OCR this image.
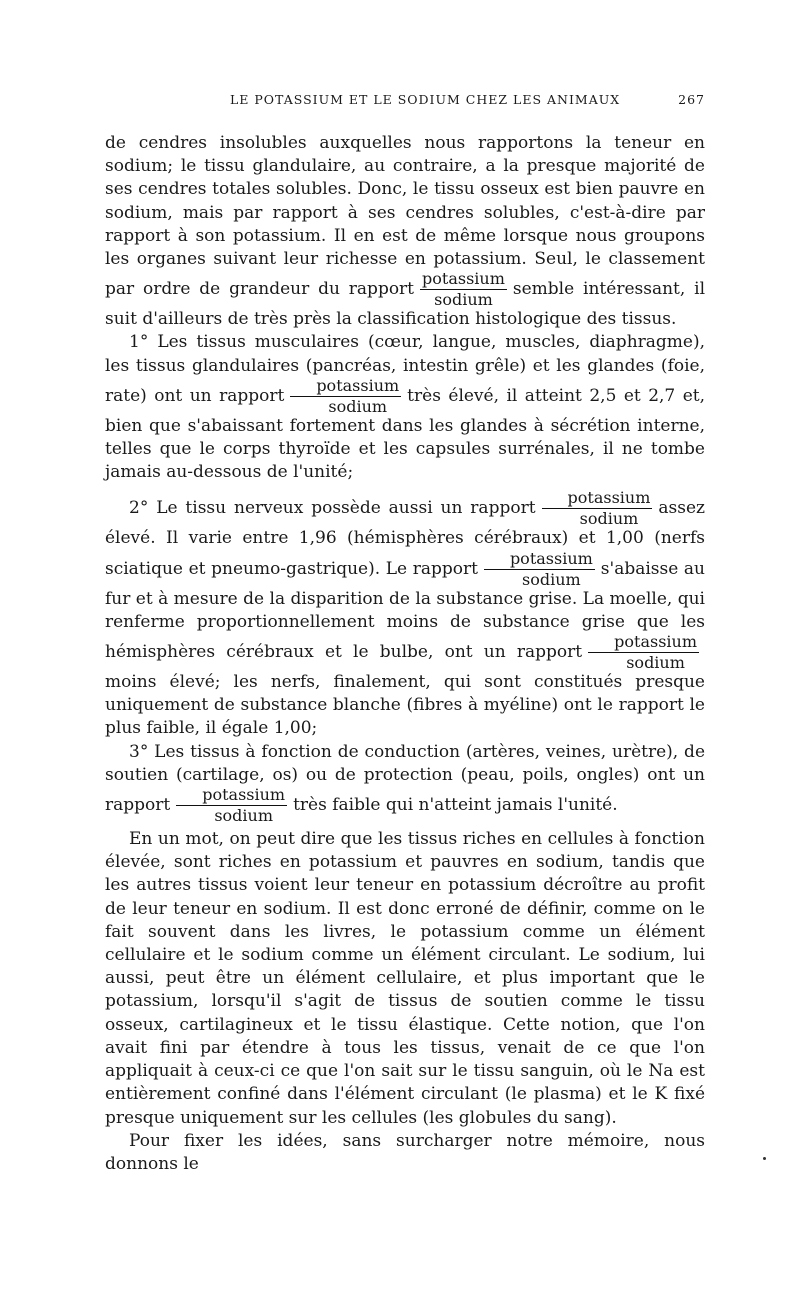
LE POTASSIUM ET LE SODIUM CHEZ LES ANIMAUX	267

de cendres insolubles auxquelles nous rapportons la teneur en sodium; le tissu glandulaire, au contraire, a la presque majorité de ses cendres totales solubles. Donc, le tissu osseux est bien pauvre en sodium, mais par rapport à ses cendres solubles, c'est-à-dire par rapport à son potassium. Il en est de même lorsque nous groupons les organes suivant leur richesse en potassium. Seul, le classement par ordre de grandeur du rapport $\frac{\text{potassium}}{\text{sodium}}$ semble intéressant, il suit d'ailleurs de très près la classification histologique des tissus.

1° Les tissus musculaires (cœur, langue, muscles, diaphragme), les tissus glandulaires (pancréas, intestin grêle) et les glandes (foie, rate) ont un rapport $\frac{\text{potassium}}{\text{sodium}}$ très élevé, il atteint 2,5 et 2,7 et, bien que s'abaissant fortement dans les glandes à sécrétion interne, telles que le corps thyroïde et les capsules surrénales, il ne tombe jamais au-dessous de l'unité;

2° Le tissu nerveux possède aussi un rapport $\frac{\text{potassium}}{\text{sodium}}$ assez élevé. Il varie entre 1,96 (hémisphères cérébraux) et 1,00 (nerfs sciatique et pneumo-gastrique). Le rapport $\frac{\text{potassium}}{\text{sodium}}$ s'abaisse au fur et à mesure de la disparition de la substance grise. La moelle, qui renferme proportionnellement moins de substance grise que les hémisphères cérébraux et le bulbe, ont un rapport $\frac{\text{potassium}}{\text{sodium}}$
moins élevé; les nerfs, finalement, qui sont constitués presque uniquement de substance blanche (fibres à myéline) ont le rapport le plus faible, il égale 1,00;

3° Les tissus à fonction de conduction (artères, veines, urètre), de soutien (cartilage, os) ou de protection (peau, poils, ongles) ont un rapport $\frac{\text{potassium}}{\text{sodium}}$ très faible qui n'atteint jamais l'unité.

En un mot, on peut dire que les tissus riches en cellules à fonction élevée, sont riches en potassium et pauvres en sodium, tandis que les autres tissus voient leur teneur en potassium décroître au profit de leur teneur en sodium. Il est donc erroné de définir, comme on le fait souvent dans les livres, le potassium comme un élément cellulaire et le sodium comme un élément circulant. Le sodium, lui aussi, peut être un élément cellulaire, et plus important que le potassium, lorsqu'il s'agit de tissus de soutien comme le tissu osseux, cartilagineux et le tissu élastique. Cette notion, que l'on avait fini par étendre à tous les tissus, venait de ce que l'on appliquait à ceux-ci ce que l'on sait sur le tissu sanguin, où le Na est entièrement confiné dans l'élément circulant (le plasma) et le K fixé presque uniquement sur les cellules (les globules du sang).

Pour fixer les idées, sans surcharger notre mémoire, nous donnons le
